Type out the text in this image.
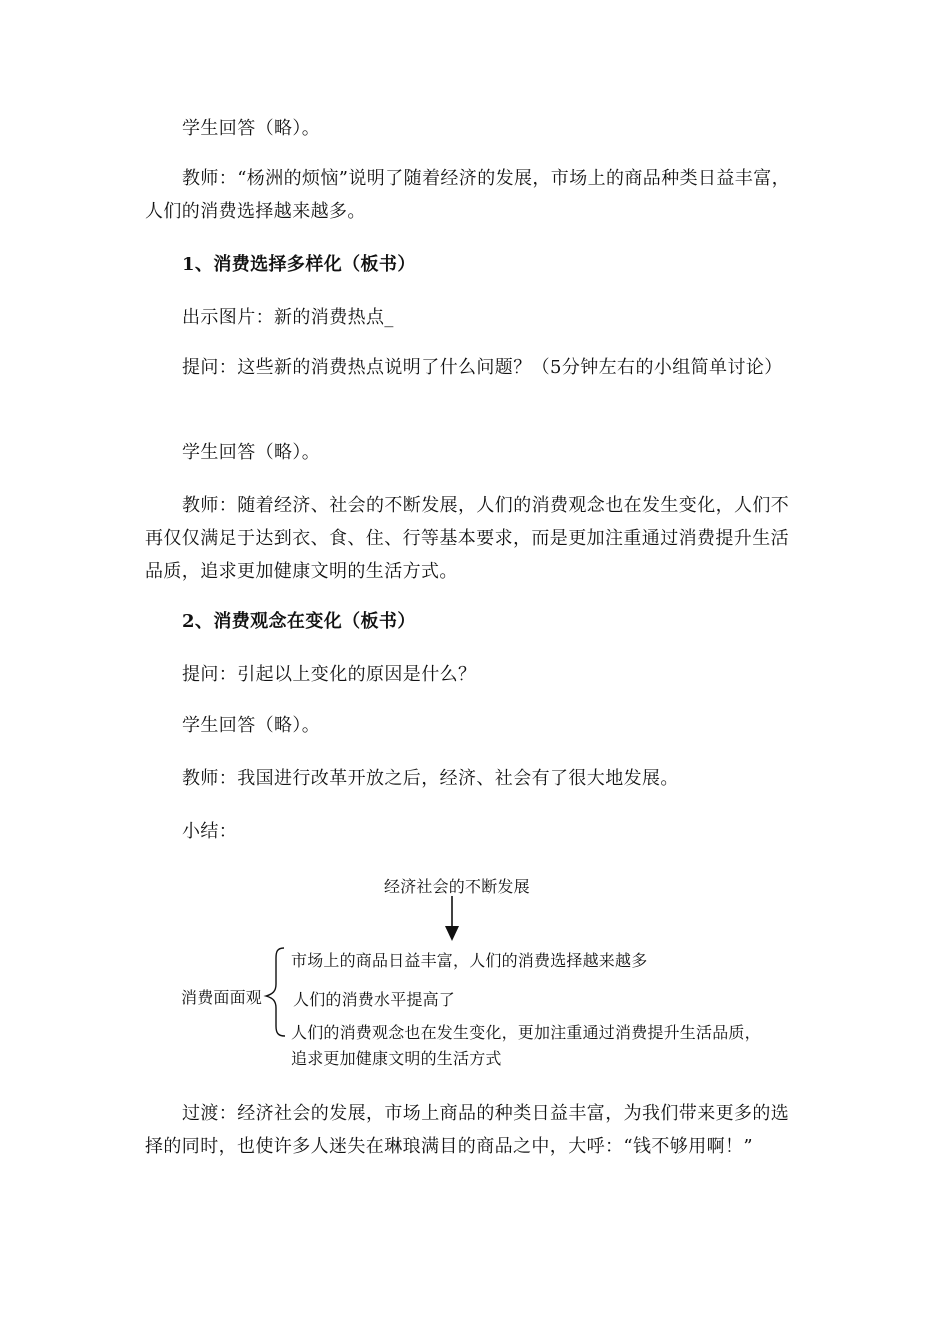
学生回答（略）。

教师：“杨洲的烦恼”说明了随着经济的发展，市场上的商品种类日益丰富，人们的消费选择越来越多。

1、消费选择多样化（板书）

出示图片：新的消费热点_

提问：这些新的消费热点说明了什么问题？（5分钟左右的小组简单讨论）

学生回答（略）。

教师：随着经济、社会的不断发展，人们的消费观念也在发生变化，人们不再仅仅满足于达到衣、食、住、行等基本要求，而是更加注重通过消费提升生活品质，追求更加健康文明的生活方式。

2、消费观念在变化（板书）

提问：引起以上变化的原因是什么？

学生回答（略）。

教师：我国进行改革开放之后，经济、社会有了很大地发展。

小结：

经济社会的不断发展
消费面面观
市场上的商品日益丰富，人们的消费选择越来越多
人们的消费水平提高了
人们的消费观念也在发生变化，更加注重通过消费提升生活品质，
追求更加健康文明的生活方式

过渡：经济社会的发展，市场上商品的种类日益丰富，为我们带来更多的选择的同时，也使许多人迷失在琳琅满目的商品之中，大呼：“钱不够用啊！”
